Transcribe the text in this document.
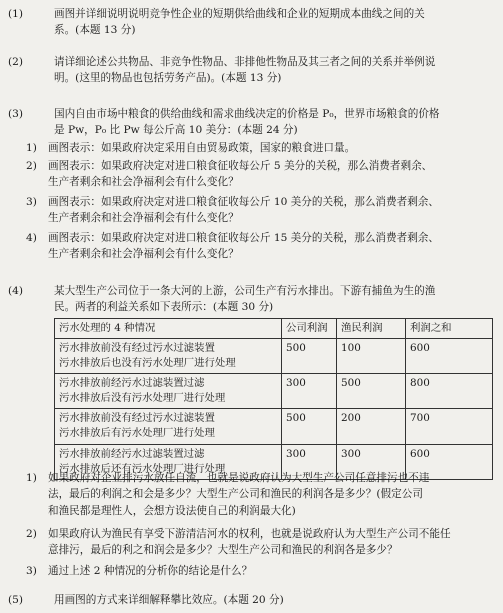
(1)	画图并详细说明说明竞争性企业的短期供给曲线和企业的短期成本曲线之间的关
系。(本题 13 分)
(2)	请详细论述公共物品、非竞争性物品、非排他性物品及其三者之间的关系并举例说
明。(这里的物品也包括劳务产品)。(本题 13 分)
(3)	国内自由市场中粮食的供给曲线和需求曲线决定的价格是 P₀，世界市场粮食的价格
是 Pw，P₀ 比 Pw 每公斤高 10 美分：(本题 24 分)
1)	画图表示：如果政府决定采用自由贸易政策，国家的粮食进口量。
2)	画图表示：如果政府决定对进口粮食征收每公斤 5 美分的关税，那么消费者剩余、
生产者剩余和社会净福利会有什么变化？
3)	画图表示：如果政府决定对进口粮食征收每公斤 10 美分的关税，那么消费者剩余、
生产者剩余和社会净福利会有什么变化？
4)	画图表示：如果政府决定对进口粮食征收每公斤 15 美分的关税，那么消费者剩余、
生产者剩余和社会净福利会有什么变化？
(4)	某大型生产公司位于一条大河的上游，公司生产有污水排出。下游有捕鱼为生的渔
民。两者的利益关系如下表所示：(本题 30 分)
污水处理的 4 种情况	公司利润	渔民利润	利润之和

污水排放前没有经过污水过滤装置
污水排放后也没有污水处理厂进行处理	500	100	600

污水排放前经污水过滤装置过滤
污水排放后没有污水处理厂进行处理	300	500	800

污水排放前没有经过污水过滤装置
污水排放后有污水处理厂进行处理	500	200	700

污水排放前经污水过滤装置过滤
污水排放后还有污水处理厂进行处理	300	300	600
1)	如果政府对企业排污水放任自流，也就是说政府认为大型生产公司任意排污也不违
法，最后的利润之和会是多少？大型生产公司和渔民的利润各是多少？(假定公司
和渔民都是理性人，会想方设法使自己的利润最大化)
2)	如果政府认为渔民有享受下游清洁河水的权利，也就是说政府认为大型生产公司不能任
意排污，最后的利之和润会是多少？大型生产公司和渔民的利润各是多少？
3)	通过上述 2 种情况的分析你的结论是什么？
(5)	用画图的方式来详细解释攀比效应。(本题 20 分)
